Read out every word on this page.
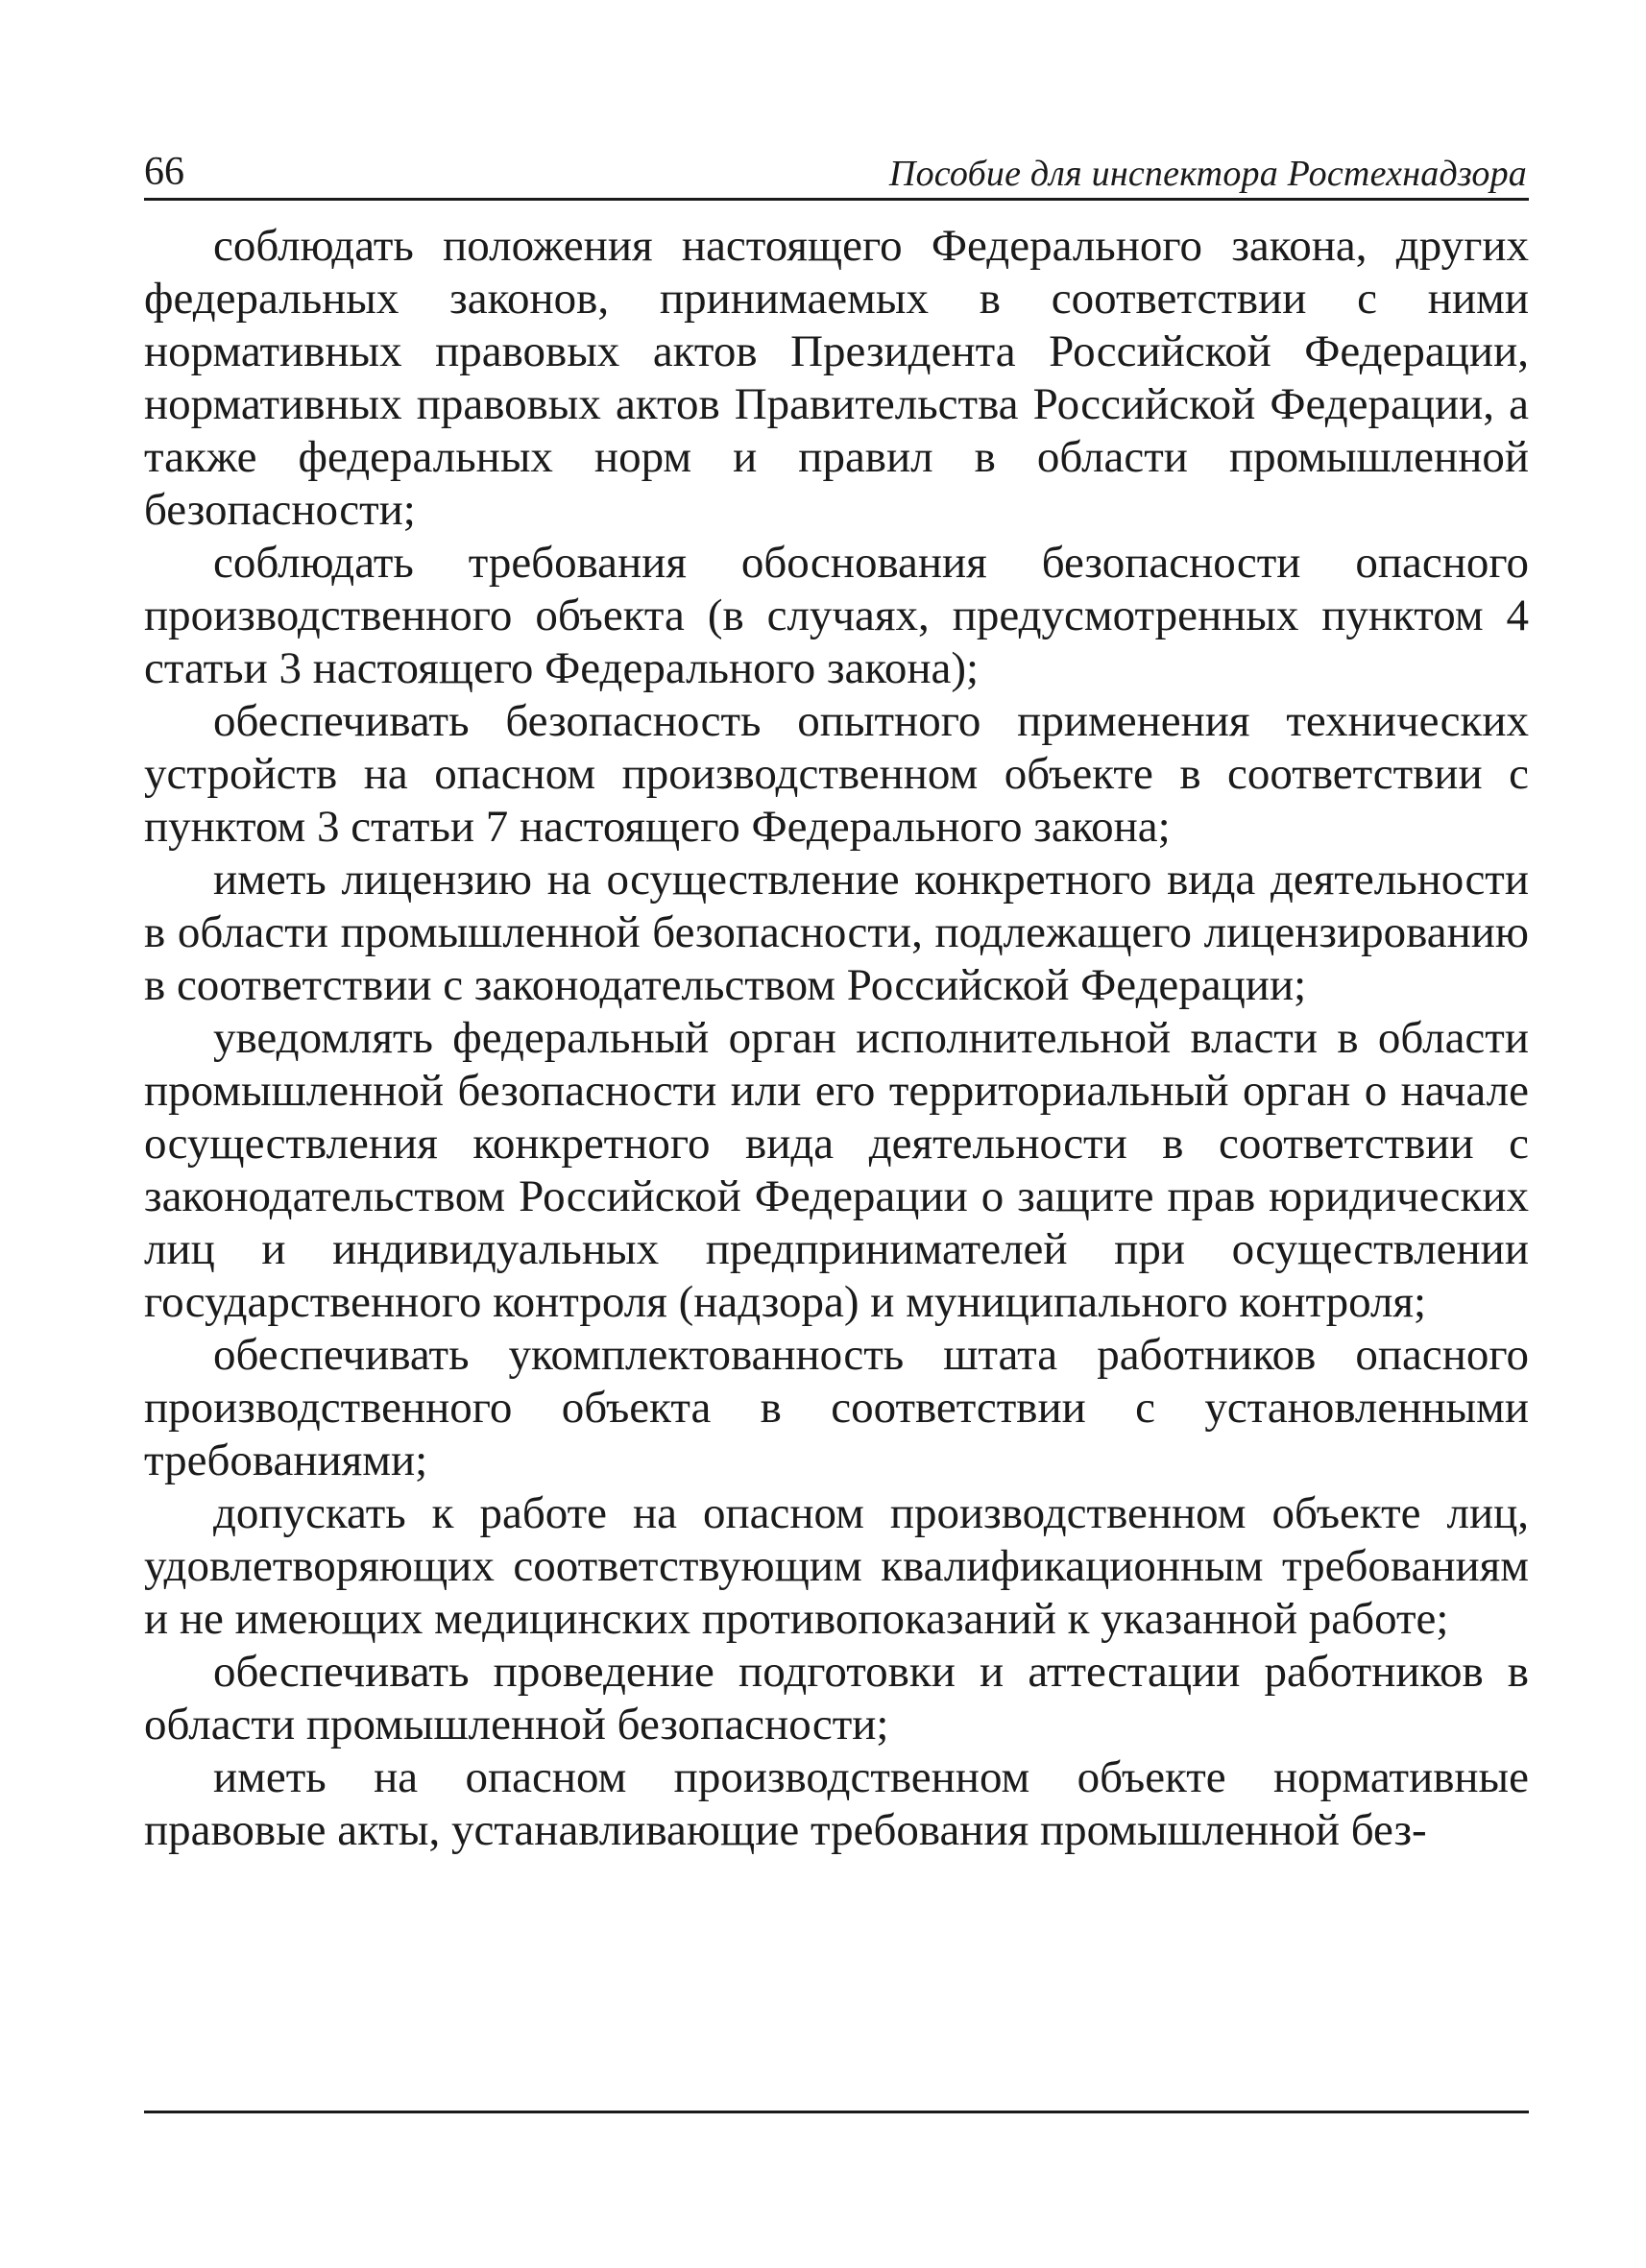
66	Пособие для инспектора Ростехнадзора

соблюдать положения настоящего Федерального закона, других федеральных законов, принимаемых в соответствии с ними нормативных правовых актов Президента Российской Федерации, нормативных правовых актов Правительства Российской Федерации, а также федеральных норм и правил в области промышленной безопасности;

соблюдать требования обоснования безопасности опасного производственного объекта (в случаях, предусмотренных пунктом 4 статьи 3 настоящего Федерального закона);

обеспечивать безопасность опытного применения технических устройств на опасном производственном объекте в соответствии с пунктом 3 статьи 7 настоящего Федерального закона;

иметь лицензию на осуществление конкретного вида деятельности в области промышленной безопасности, подлежащего лицензированию в соответствии с законодательством Российской Федерации;

уведомлять федеральный орган исполнительной власти в области промышленной безопасности или его территориальный орган о начале осуществления конкретного вида деятельности в соответствии с законодательством Российской Федерации о защите прав юридических лиц и индивидуальных предпринимателей при осуществлении государственного контроля (надзора) и муниципального контроля;

обеспечивать укомплектованность штата работников опасного производственного объекта в соответствии с установленными требованиями;

допускать к работе на опасном производственном объекте лиц, удовлетворяющих соответствующим квалификационным требованиям и не имеющих медицинских противопоказаний к указанной работе;

обеспечивать проведение подготовки и аттестации работников в области промышленной безопасности;

иметь на опасном производственном объекте нормативные правовые акты, устанавливающие требования промышленной без-
